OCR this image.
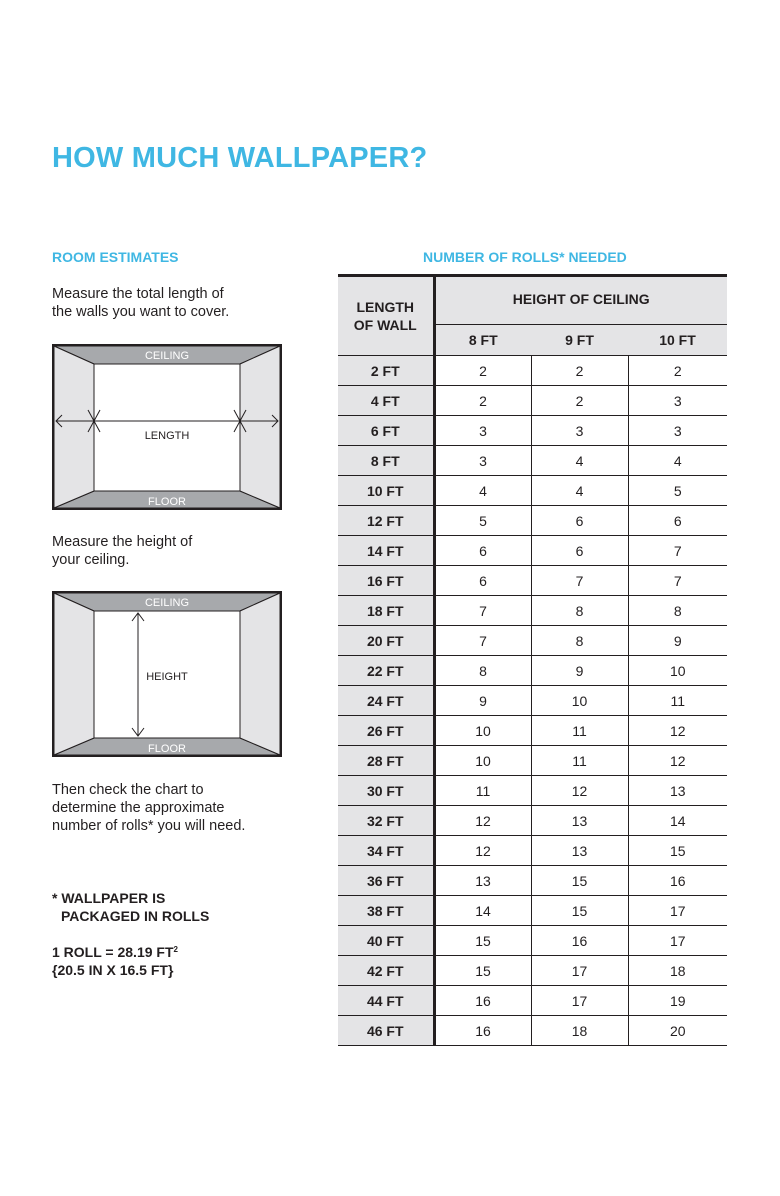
HOW MUCH WALLPAPER?
ROOM ESTIMATES	NUMBER OF ROLLS* NEEDED
Measure the total length of
the walls you want to cover.
CEILING
FLOOR
LENGTH
Measure the height of
your ceiling.
CEILING
FLOOR
HEIGHT
Then check the chart to
determine the approximate
number of rolls* you will need.
* WALLPAPER IS
PACKAGED IN ROLLS
1 ROLL = 28.19 $FT^2$
{20.5 IN X 16.5 FT}
LENGTH
OF WALL	HEIGHT OF CEILING		
	8 FT	9 FT	10 FT
2 FT	2	2	2
4 FT	2	2	3
6 FT	3	3	3
8 FT	3	4	4
10 FT	4	4	5
12 FT	5	6	6
14 FT	6	6	7
16 FT	6	7	7
18 FT	7	8	8
20 FT	7	8	9
22 FT	8	9	10
24 FT	9	10	11
26 FT	10	11	12
28 FT	10	11	12
30 FT	11	12	13
32 FT	12	13	14
34 FT	12	13	15
36 FT	13	15	16
38 FT	14	15	17
40 FT	15	16	17
42 FT	15	17	18
44 FT	16	17	19
46 FT	16	18	20
